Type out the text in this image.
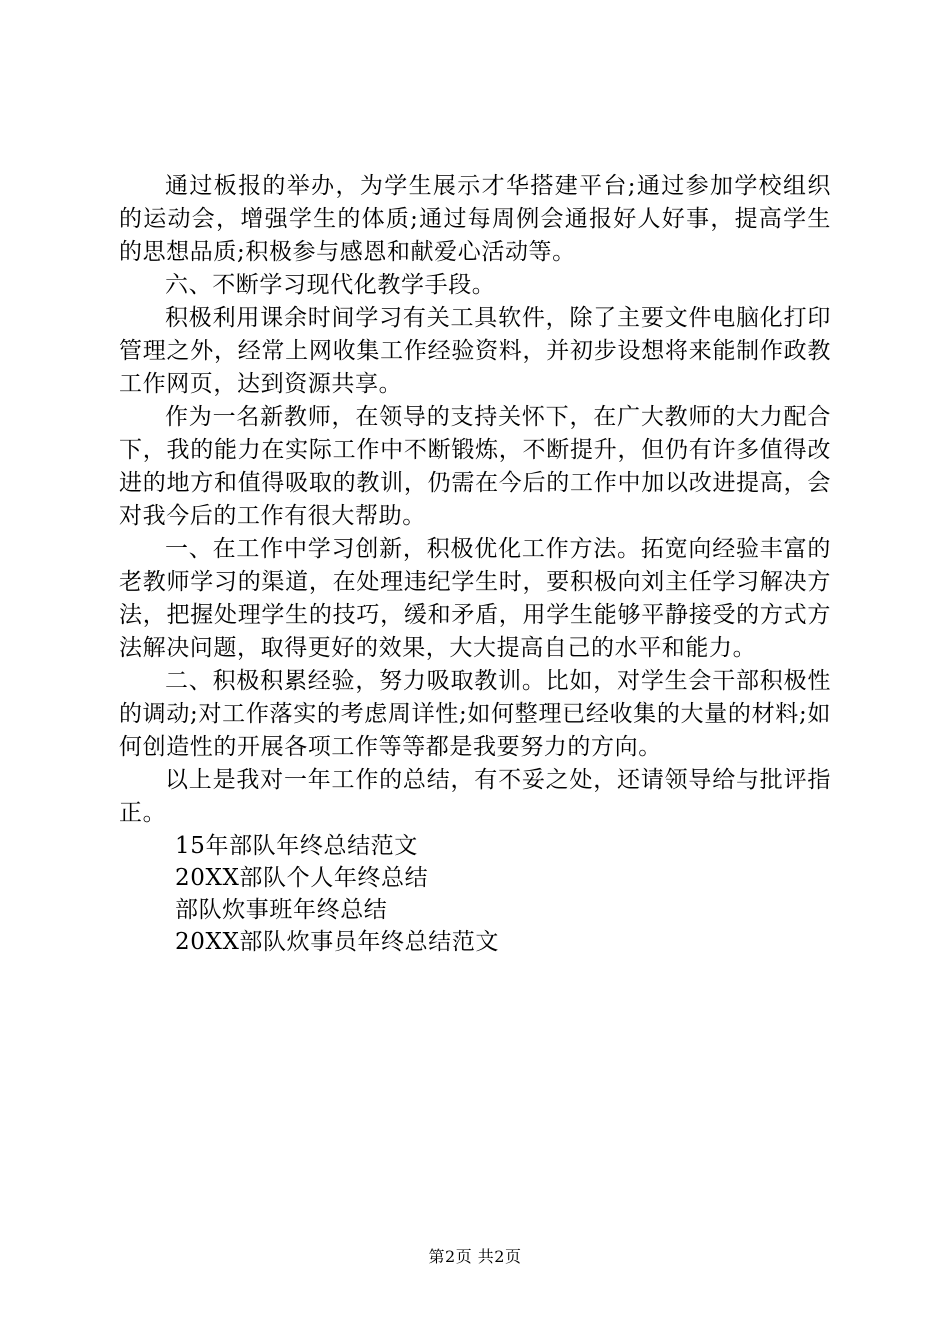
通过板报的举办，为学生展示才华搭建平台;通过参加学校组织的运动会，增强学生的体质;通过每周例会通报好人好事，提高学生的思想品质;积极参与感恩和献爱心活动等。

六、不断学习现代化教学手段。

积极利用课余时间学习有关工具软件，除了主要文件电脑化打印管理之外，经常上网收集工作经验资料，并初步设想将来能制作政教工作网页，达到资源共享。

作为一名新教师，在领导的支持关怀下，在广大教师的大力配合下，我的能力在实际工作中不断锻炼，不断提升，但仍有许多值得改进的地方和值得吸取的教训，仍需在今后的工作中加以改进提高，会对我今后的工作有很大帮助。

一、在工作中学习创新，积极优化工作方法。拓宽向经验丰富的老教师学习的渠道，在处理违纪学生时，要积极向刘主任学习解决方法，把握处理学生的技巧，缓和矛盾，用学生能够平静接受的方式方法解决问题，取得更好的效果，大大提高自己的水平和能力。

二、积极积累经验，努力吸取教训。比如，对学生会干部积极性的调动;对工作落实的考虑周详性;如何整理已经收集的大量的材料;如何创造性的开展各项工作等等都是我要努力的方向。

以上是我对一年工作的总结，有不妥之处，还请领导给与批评指正。

15年部队年终总结范文
20XX部队个人年终总结
部队炊事班年终总结
20XX部队炊事员年终总结范文
第2页 共2页
